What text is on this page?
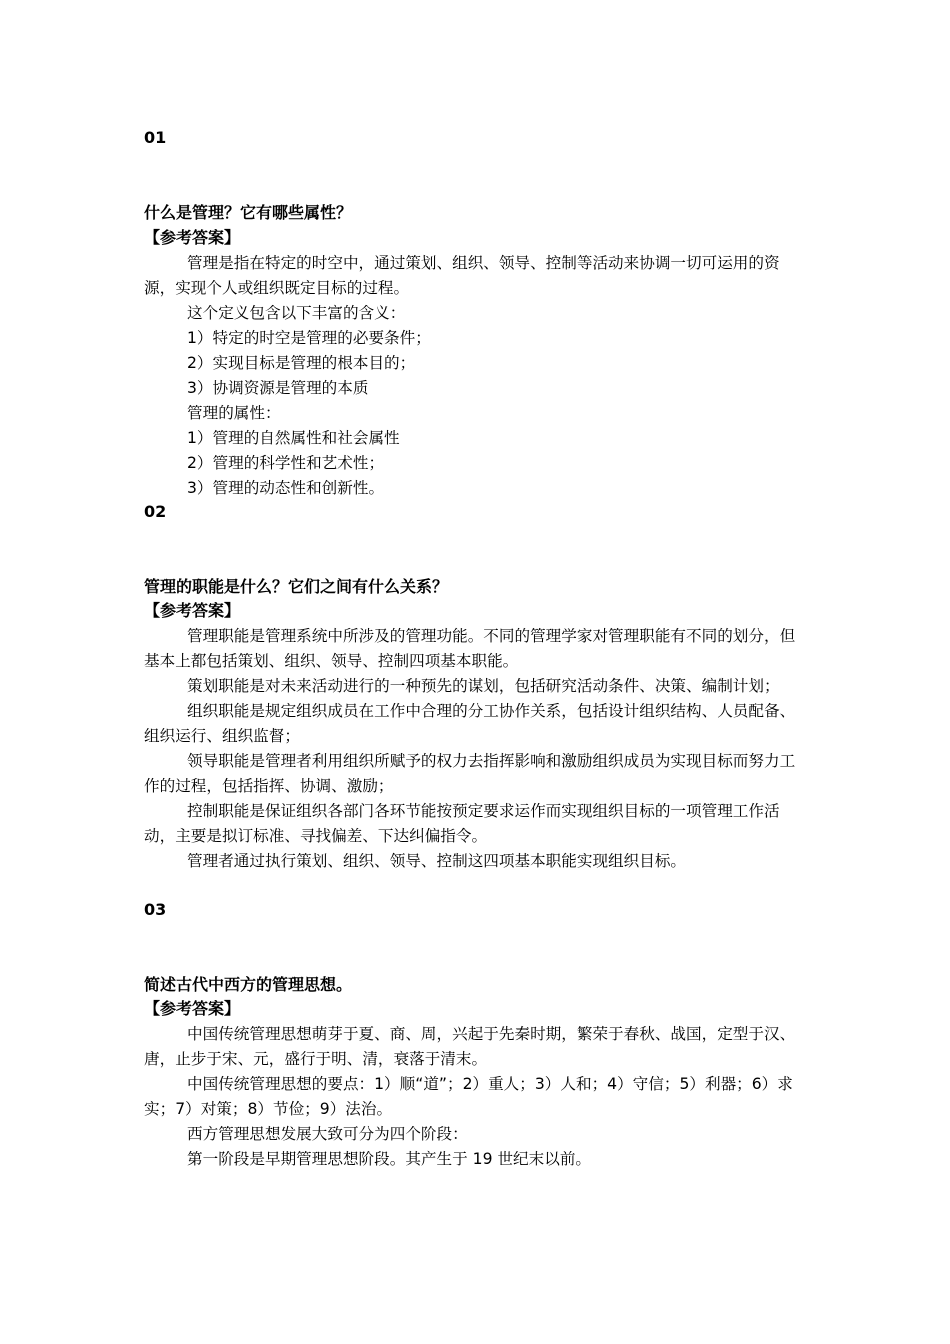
01
什么是管理？它有哪些属性？
【参考答案】

管理是指在特定的时空中，通过策划、组织、领导、控制等活动来协调一切可运用的资源，实现个人或组织既定目标的过程。

这个定义包含以下丰富的含义：

1）特定的时空是管理的必要条件；

2）实现目标是管理的根本目的；

3）协调资源是管理的本质

管理的属性：

1）管理的自然属性和社会属性

2）管理的科学性和艺术性；

3）管理的动态性和创新性。

02
管理的职能是什么？它们之间有什么关系？
【参考答案】

管理职能是管理系统中所涉及的管理功能。不同的管理学家对管理职能有不同的划分，但基本上都包括策划、组织、领导、控制四项基本职能。

策划职能是对未来活动进行的一种预先的谋划，包括研究活动条件、决策、编制计划；

组织职能是规定组织成员在工作中合理的分工协作关系，包括设计组织结构、人员配备、组织运行、组织监督；

领导职能是管理者利用组织所赋予的权力去指挥影响和激励组织成员为实现目标而努力工作的过程，包括指挥、协调、激励；

控制职能是保证组织各部门各环节能按预定要求运作而实现组织目标的一项管理工作活动，主要是拟订标准、寻找偏差、下达纠偏指令。

管理者通过执行策划、组织、领导、控制这四项基本职能实现组织目标。

03
简述古代中西方的管理思想。
【参考答案】

中国传统管理思想萌芽于夏、商、周，兴起于先秦时期，繁荣于春秋、战国，定型于汉、唐，止步于宋、元，盛行于明、清，衰落于清末。

中国传统管理思想的要点：1）顺“道”；2）重人；3）人和；4）守信；5）利器；6）求实；7）对策；8）节俭；9）法治。

西方管理思想发展大致可分为四个阶段：

第一阶段是早期管理思想阶段。其产生于 19 世纪末以前。
